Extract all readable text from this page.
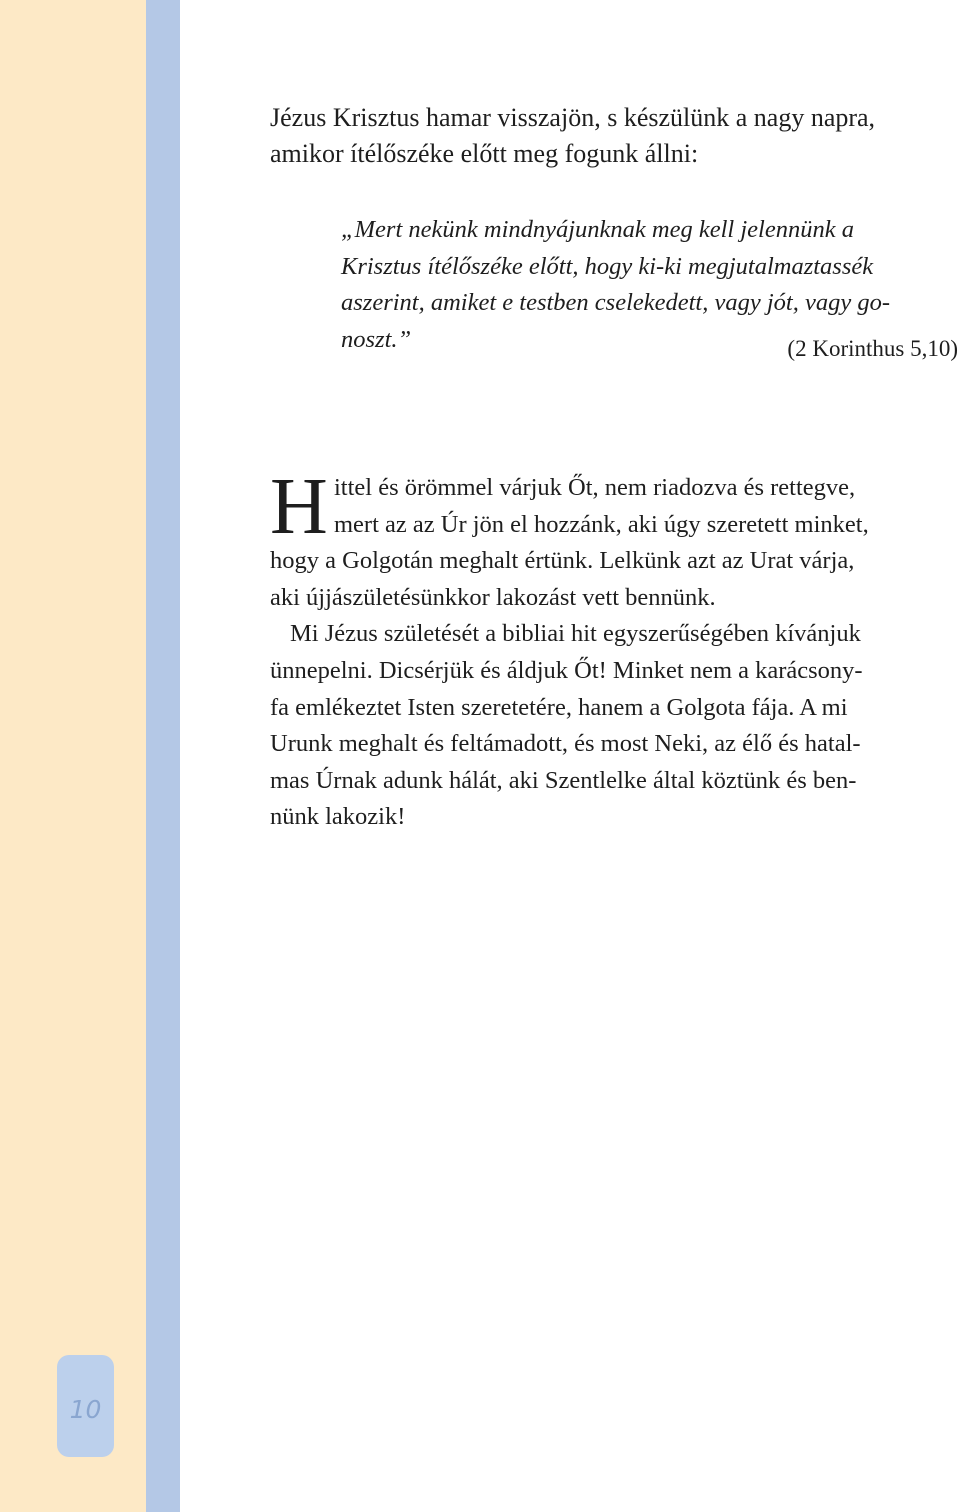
10

Jézus Krisztus hamar visszajön, s készülünk a nagy napra,
amikor ítélőszéke előtt meg fogunk állni:

„Mert nekünk mindnyájunknak meg kell jelennünk a
Krisztus ítélőszéke előtt, hogy ki-ki megjutalmaztassék
aszerint, amiket e testben cselekedett, vagy jót, vagy go-
noszt.”	(2 Korinthus 5,10)

H ittel és örömmel várjuk Őt, nem riadozva és rettegve,
mert az az Úr jön el hozzánk, aki úgy szeretett minket,
hogy a Golgotán meghalt értünk. Lelkünk azt az Urat várja,
aki újjászületésünkkor lakozást vett bennünk.
Mi Jézus születését a bibliai hit egyszerűségében kívánjuk
ünnepelni. Dicsérjük és áldjuk Őt! Minket nem a karácsony-
fa emlékeztet Isten szeretetére, hanem a Golgota fája. A mi
Urunk meghalt és feltámadott, és most Neki, az élő és hatal-
mas Úrnak adunk hálát, aki Szentlelke által köztünk és ben-
nünk lakozik!
